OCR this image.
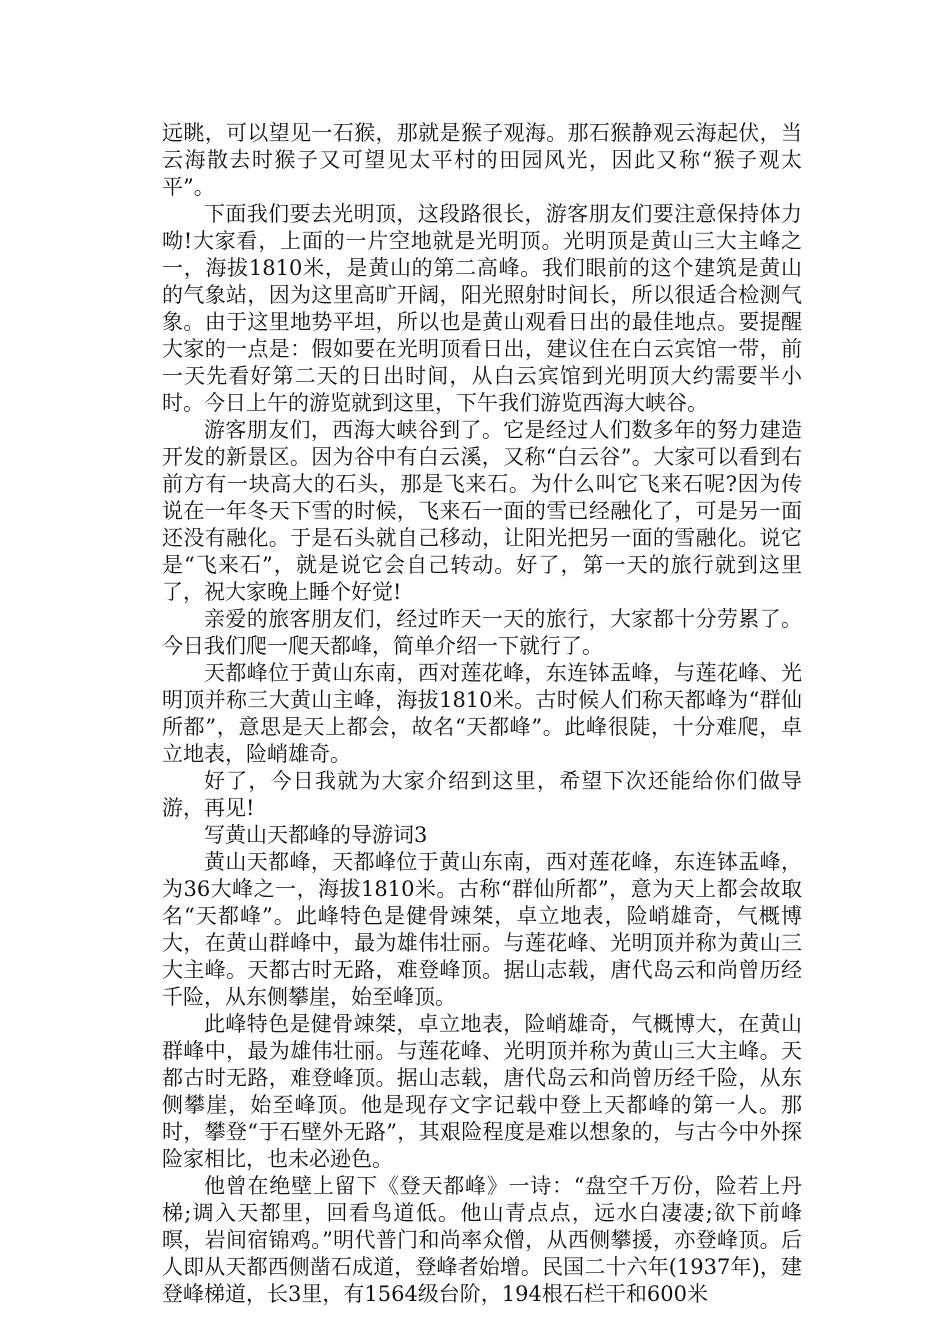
远眺，可以望见一石猴，那就是猴子观海。那石猴静观云海起伏，当云海散去时猴子又可望见太平村的田园风光，因此又称“猴子观太平”。

下面我们要去光明顶，这段路很长，游客朋友们要注意保持体力呦!大家看，上面的一片空地就是光明顶。光明顶是黄山三大主峰之一，海拔1810米，是黄山的第二高峰。我们眼前的这个建筑是黄山的气象站，因为这里高旷开阔，阳光照射时间长，所以很适合检测气象。由于这里地势平坦，所以也是黄山观看日出的最佳地点。要提醒大家的一点是：假如要在光明顶看日出，建议住在白云宾馆一带，前一天先看好第二天的日出时间，从白云宾馆到光明顶大约需要半小时。今日上午的游览就到这里，下午我们游览西海大峡谷。

游客朋友们，西海大峡谷到了。它是经过人们数多年的努力建造开发的新景区。因为谷中有白云溪，又称“白云谷”。大家可以看到右前方有一块高大的石头，那是飞来石。为什么叫它飞来石呢?因为传说在一年冬天下雪的时候，飞来石一面的雪已经融化了，可是另一面还没有融化。于是石头就自己移动，让阳光把另一面的雪融化。说它是“飞来石”，就是说它会自己转动。好了，第一天的旅行就到这里了，祝大家晚上睡个好觉!

亲爱的旅客朋友们，经过昨天一天的旅行，大家都十分劳累了。今日我们爬一爬天都峰，简单介绍一下就行了。

天都峰位于黄山东南，西对莲花峰，东连钵盂峰，与莲花峰、光明顶并称三大黄山主峰，海拔1810米。古时候人们称天都峰为“群仙所都”，意思是天上都会，故名“天都峰”。此峰很陡，十分难爬，卓立地表，险峭雄奇。

好了，今日我就为大家介绍到这里，希望下次还能给你们做导游，再见!

写黄山天都峰的导游词3

黄山天都峰，天都峰位于黄山东南，西对莲花峰，东连钵盂峰，为36大峰之一，海拔1810米。古称“群仙所都”，意为天上都会故取名“天都峰”。此峰特色是健骨竦桀，卓立地表，险峭雄奇，气概博大，在黄山群峰中，最为雄伟壮丽。与莲花峰、光明顶并称为黄山三大主峰。天都古时无路，难登峰顶。据山志载，唐代岛云和尚曾历经千险，从东侧攀崖，始至峰顶。

此峰特色是健骨竦桀，卓立地表，险峭雄奇，气概博大，在黄山群峰中，最为雄伟壮丽。与莲花峰、光明顶并称为黄山三大主峰。天都古时无路，难登峰顶。据山志载，唐代岛云和尚曾历经千险，从东侧攀崖，始至峰顶。他是现存文字记载中登上天都峰的第一人。那时，攀登“于石壁外无路”，其艰险程度是难以想象的，与古今中外探险家相比，也未必逊色。

他曾在绝壁上留下《登天都峰》一诗：“盘空千万份，险若上丹梯;调入天都里，回看鸟道低。他山青点点，远水白凄凄;欲下前峰暝，岩间宿锦鸡。”明代普门和尚率众僧，从西侧攀援，亦登峰顶。后人即从天都西侧凿石成道，登峰者始增。民国二十六年(1937年)，建登峰梯道，长3里，有1564级台阶，194根石栏干和600米
